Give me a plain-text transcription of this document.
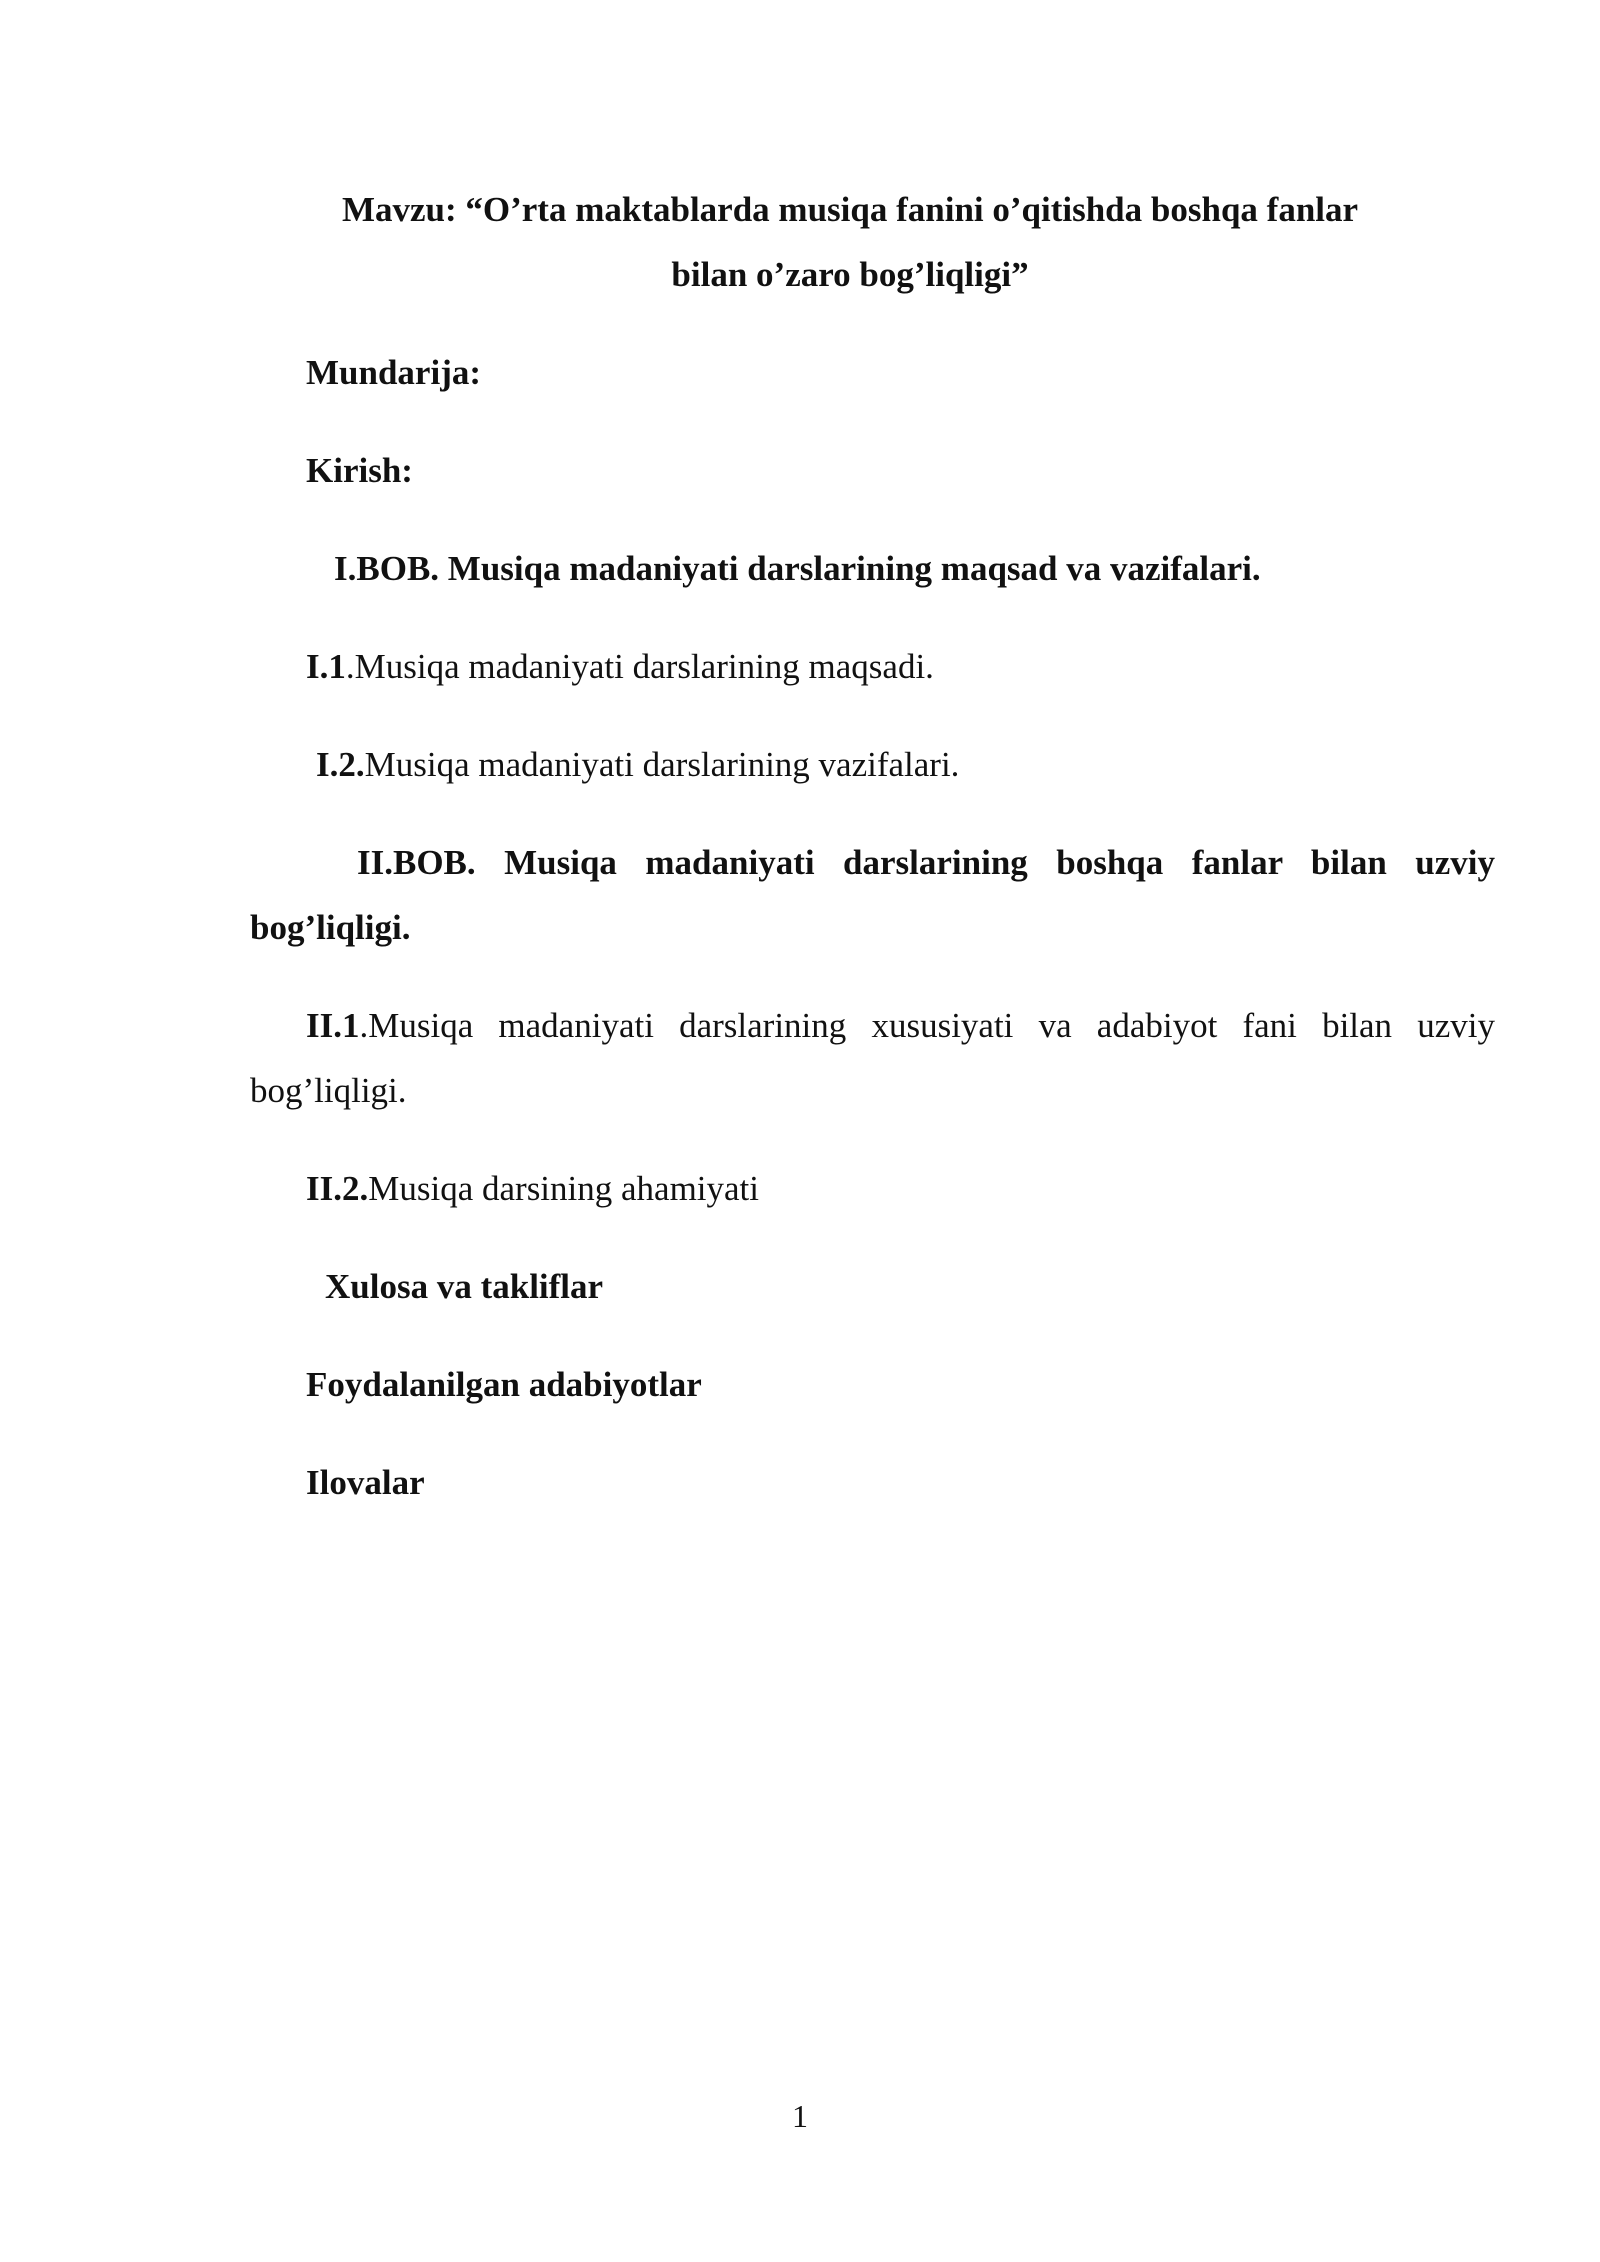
Mavzu: “O’rta maktablarda musiqa fanini o’qitishda boshqa fanlar
bilan o’zaro bog’liqligi”
Mundarija:
Kirish:
I.BOB. Musiqa madaniyati darslarining maqsad va vazifalari.
I.1.Musiqa madaniyati darslarining maqsadi.
I.2.Musiqa madaniyati darslarining vazifalari.
II.BOB. Musiqa madaniyati darslarining boshqa fanlar bilan uzviy
bog’liqligi.
II.1.Musiqa madaniyati darslarining xususiyati va adabiyot fani bilan uzviy
bog’liqligi.
II.2.Musiqa darsining ahamiyati
Xulosa va takliflar
Foydalanilgan adabiyotlar
Ilovalar
1
